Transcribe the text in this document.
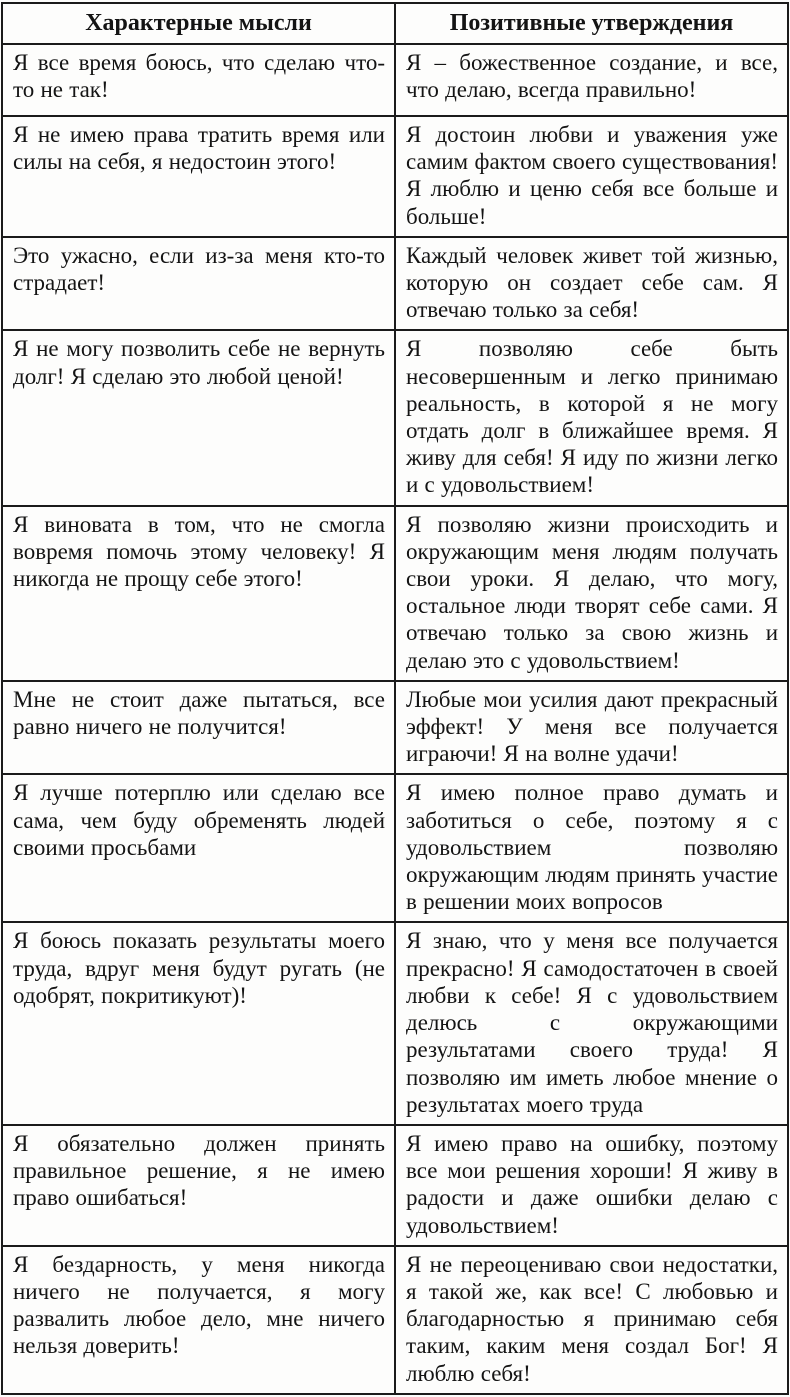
Характерные мысли	Позитивные утверждения
Я все время боюсь, что сделаю что-то не так!	Я – божественное создание, и все, что делаю, всегда правильно!
Я не имею права тратить время или силы на себя, я недостоин этого!	Я достоин любви и уважения уже самим фактом своего существования! Я люблю и ценю себя все больше и больше!
Это ужасно, если из-за меня кто-то страдает!	Каждый человек живет той жизнью, которую он создает себе сам. Я отвечаю только за себя!
Я не могу позволить себе не вернуть долг! Я сделаю это любой ценой!	Я позволяю себе быть несовершенным и легко принимаю реальность, в которой я не могу отдать долг в ближайшее время. Я живу для себя! Я иду по жизни легко и с удовольствием!
Я виновата в том, что не смогла вовремя помочь этому человеку! Я никогда не прощу себе этого!	Я позволяю жизни происходить и окружающим меня людям получать свои уроки. Я делаю, что могу, остальное люди творят себе сами. Я отвечаю только за свою жизнь и делаю это с удовольствием!
Мне не стоит даже пытаться, все равно ничего не получится!	Любые мои усилия дают прекрасный эффект! У меня все получается играючи! Я на волне удачи!
Я лучше потерплю или сделаю все сама, чем буду обременять людей своими просьбами	Я имею полное право думать и заботиться о себе, поэтому я с удовольствием позволяю окружающим людям принять участие в решении моих вопросов
Я боюсь показать результаты моего труда, вдруг меня будут ругать (не одобрят, покритикуют)!	Я знаю, что у меня все получается прекрасно! Я самодостаточен в своей любви к себе! Я с удовольствием делюсь с окружающими результатами своего труда! Я позволяю им иметь любое мнение о результатах моего труда
Я обязательно должен принять правильное решение, я не имею право ошибаться!	Я имею право на ошибку, поэтому все мои решения хороши! Я живу в радости и даже ошибки делаю с удовольствием!
Я бездарность, у меня никогда ничего не получается, я могу развалить любое дело, мне ничего нельзя доверить!	Я не переоцениваю свои недостатки, я такой же, как все! С любовью и благодарностью я принимаю себя таким, каким меня создал Бог! Я люблю себя!
